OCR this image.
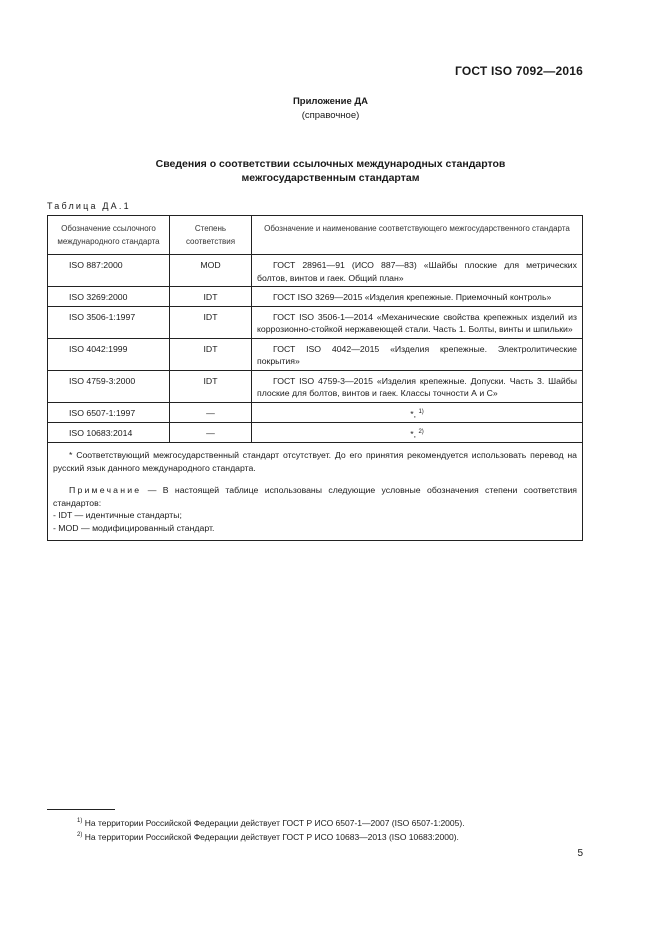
ГОСТ ISO 7092—2016
Приложение ДА
(справочное)
Сведения о соответствии ссылочных международных стандартов
межгосударственным стандартам
Таблица ДА.1
Обозначение ссылочного международного стандарта	Степень соответствия	Обозначение и наименование соответствующего межгосударственного стандарта
ISO 887:2000	MOD	ГОСТ 28961—91 (ИСО 887—83) «Шайбы плоские для метрических болтов, винтов и гаек. Общий план»
ISO 3269:2000	IDT	ГОСТ ISO 3269—2015 «Изделия крепежные. Приемочный контроль»
ISO 3506-1:1997	IDT	ГОСТ ISO 3506-1—2014 «Механические свойства крепежных изделий из коррозионно-стойкой нержавеющей стали. Часть 1. Болты, винты и шпильки»
ISO 4042:1999	IDT	ГОСТ ISO 4042—2015 «Изделия крепежные. Электролитические покрытия»
ISO 4759-3:2000	IDT	ГОСТ ISO 4759-3—2015 «Изделия крепежные. Допуски. Часть 3. Шайбы плоские для болтов, винтов и гаек. Классы точности А и С»
ISO 6507-1:1997	—	*, $^{1)}$
ISO 10683:2014	—	*, $^{2)}$

* Соответствующий межгосударственный стандарт отсутствует. До его принятия рекомендуется использовать перевод на русский язык данного международного стандарта.
Примечание — В настоящей таблице использованы следующие условные обозначения степени соответствия стандартов:
- IDT — идентичные стандарты;
- MOD — модифицированный стандарт.		
$^{1)}$ На территории Российской Федерации действует ГОСТ Р ИСО 6507-1—2007 (ISO 6507-1:2005).
$^{2)}$ На территории Российской Федерации действует ГОСТ Р ИСО 10683—2013 (ISO 10683:2000).
5
